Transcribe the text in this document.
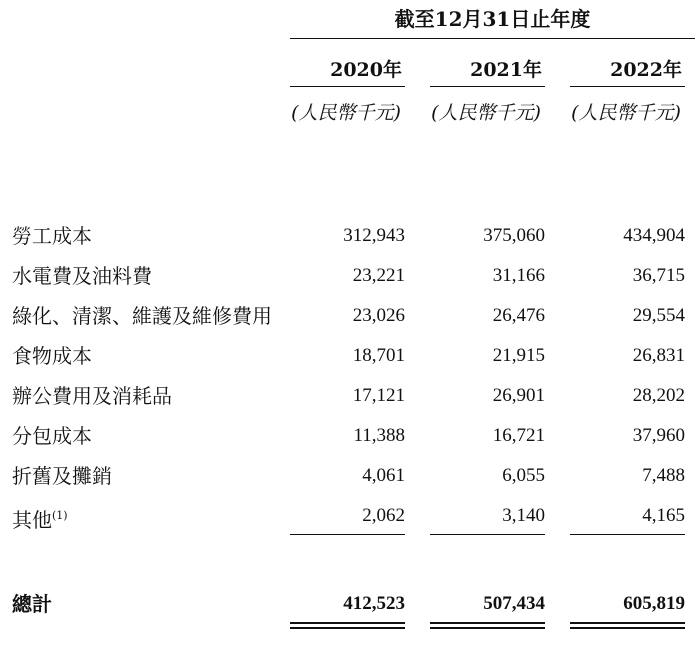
截至12月31日止年度
2020年	2021年	2022年
(人民幣千元)	(人民幣千元)	(人民幣千元)
勞工成本	312,943	375,060	434,904
水電費及油料費	23,221	31,166	36,715
綠化、清潔、維護及維修費用	23,026	26,476	29,554
食物成本	18,701	21,915	26,831
辦公費用及消耗品	17,121	26,901	28,202
分包成本	11,388	16,721	37,960
折舊及攤銷	4,061	6,055	7,488
其他$^{(1)}$	2,062	3,140	4,165
總計	412,523	507,434	605,819
